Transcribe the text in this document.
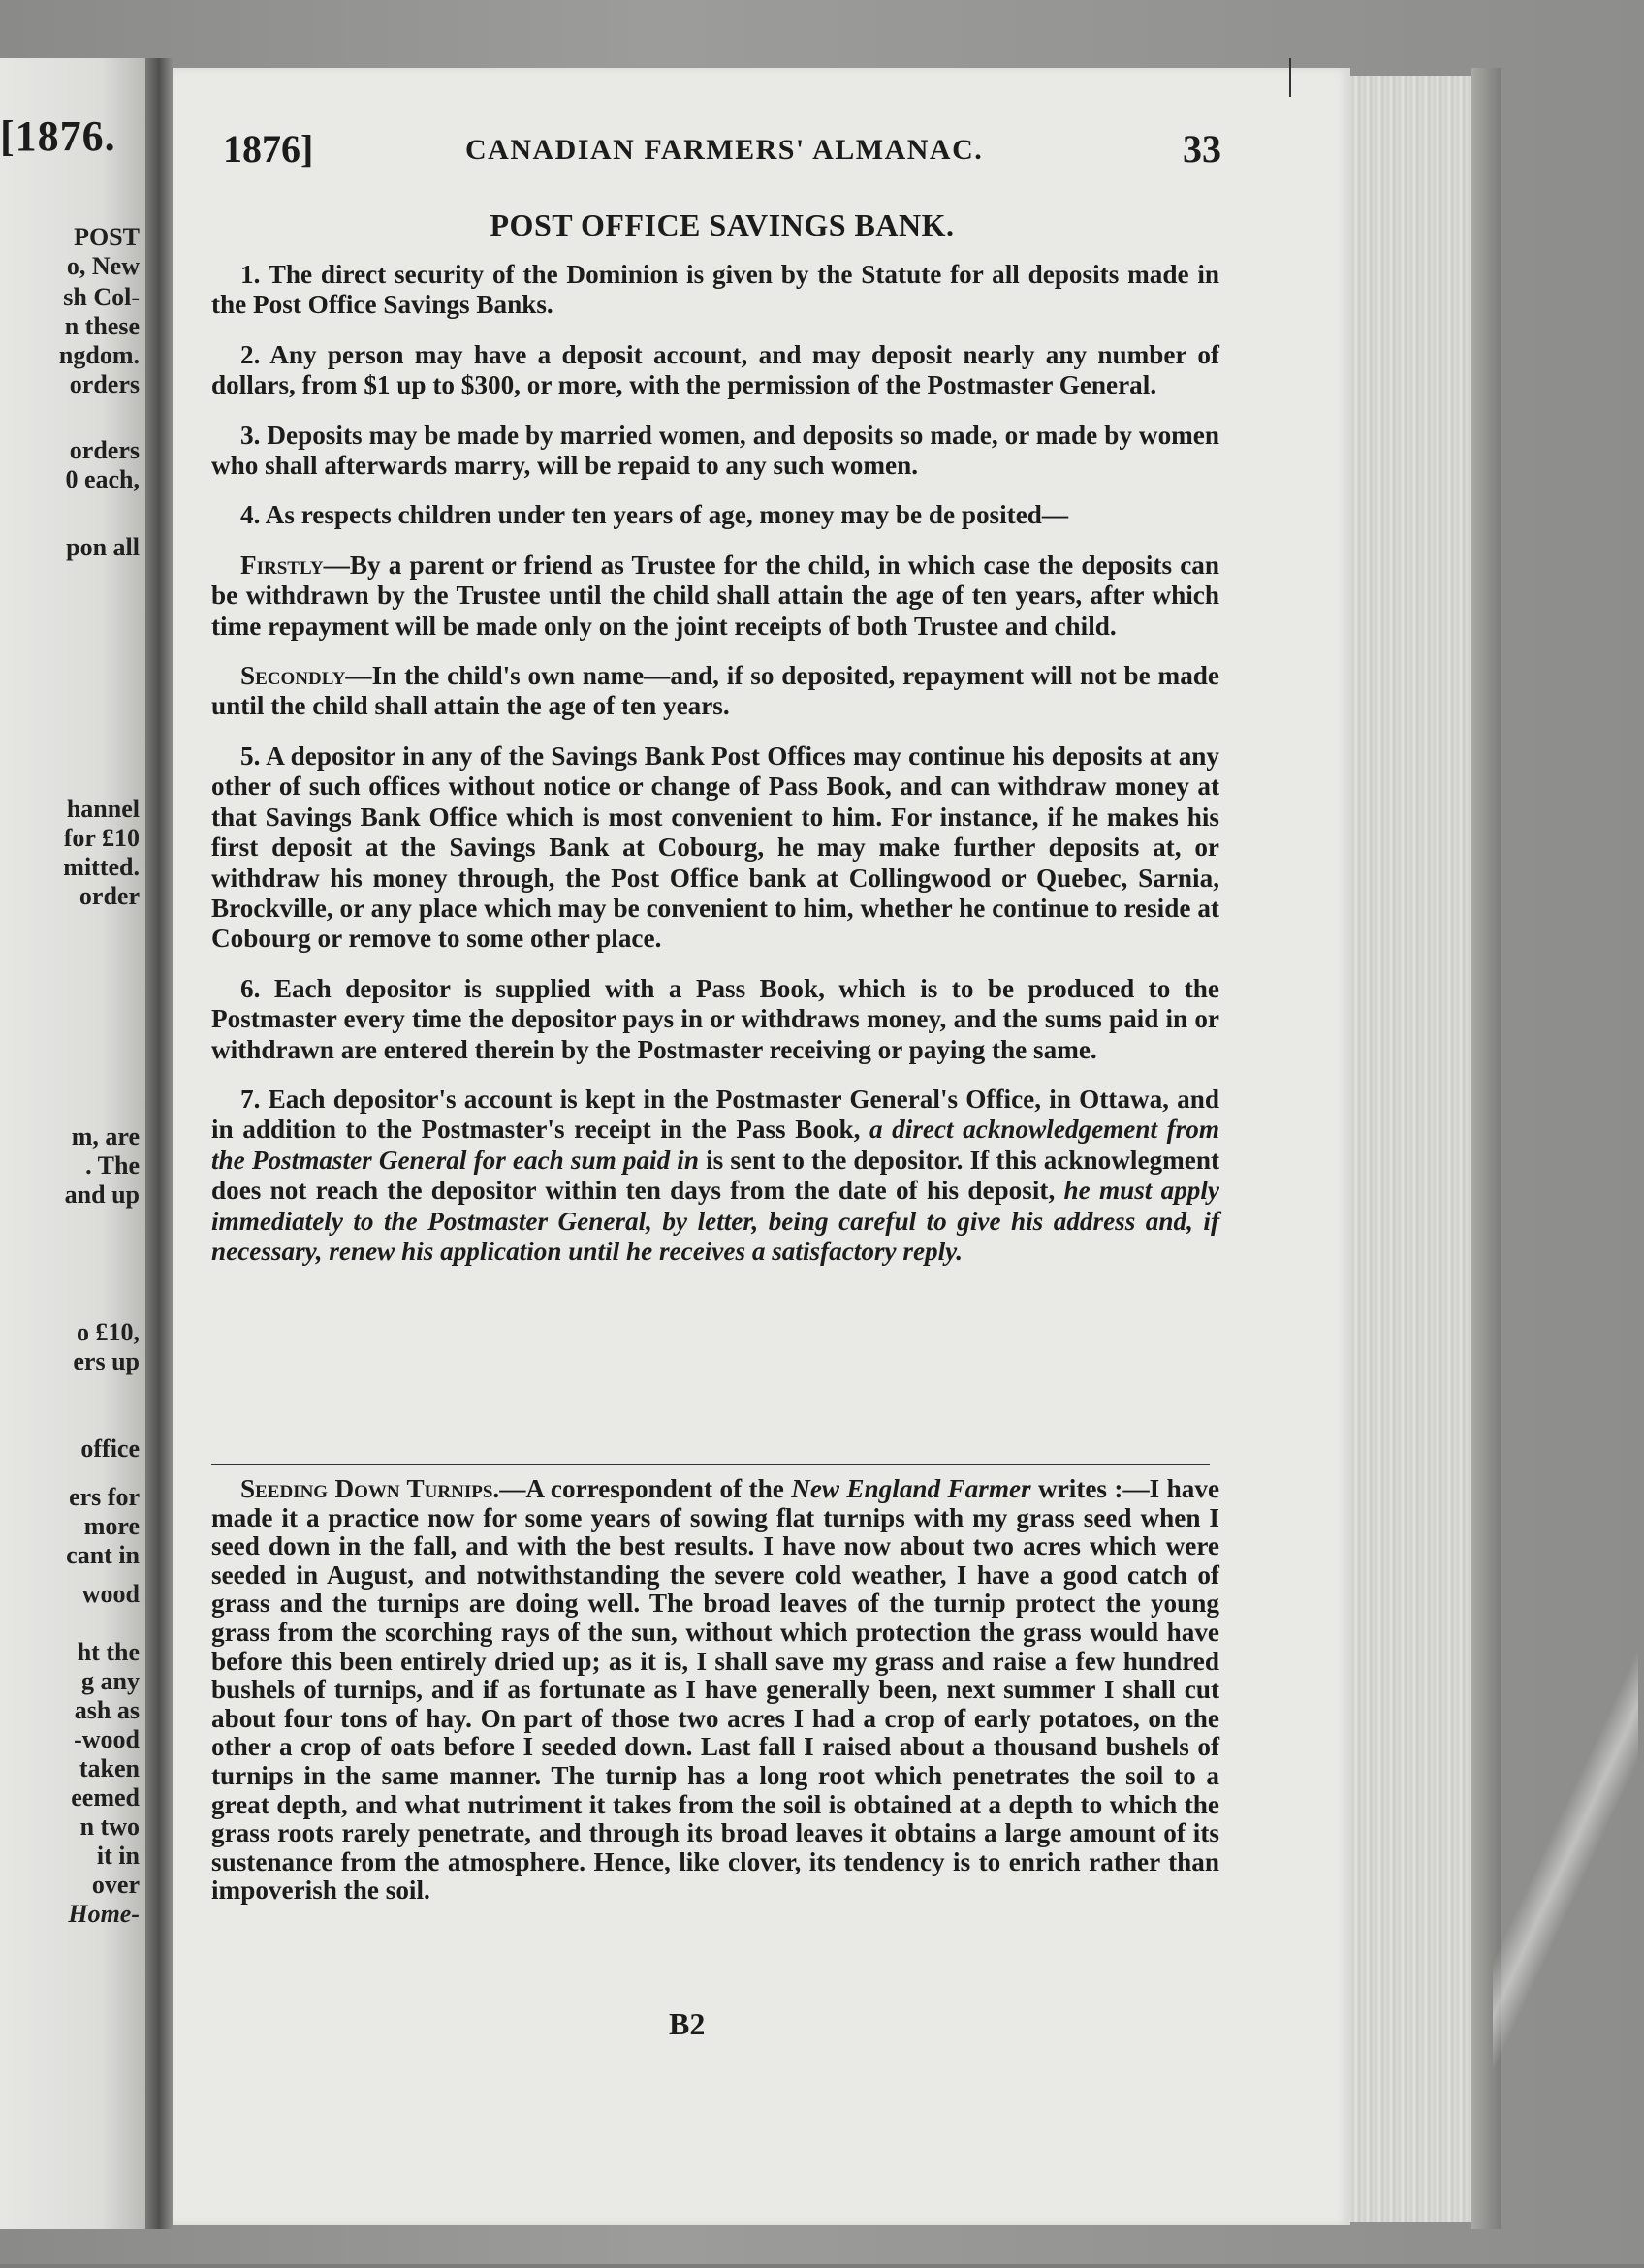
[1876.
POST
o, New
sh Col-
n these
ngdom.
orders
orders
0 each,
pon all
hannel
for £10
mitted.
order
m, are
. The
and up
o £10,
ers up
office
ers for
more
cant in
wood
ht the
g any
ash as
-wood
taken
eemed
n two
it in
over
Home-
1876]	CANADIAN FARMERS' ALMANAC.	33
POST OFFICE SAVINGS BANK.

1. The direct security of the Dominion is given by the Statute for all deposits made in the Post Office Savings Banks.

2. Any person may have a deposit account, and may deposit nearly any number of dollars, from $1 up to $300, or more, with the permission of the Postmaster General.

3. Deposits may be made by married women, and deposits so made, or made by women who shall afterwards marry, will be repaid to any such women.

4. As respects children under ten years of age, money may be de posited—

Firstly—By a parent or friend as Trustee for the child, in which case the deposits can be withdrawn by the Trustee until the child shall attain the age of ten years, after which time repayment will be made only on the joint receipts of both Trustee and child.

Secondly—In the child's own name—and, if so deposited, repayment will not be made until the child shall attain the age of ten years.

5. A depositor in any of the Savings Bank Post Offices may continue his deposits at any other of such offices without notice or change of Pass Book, and can withdraw money at that Savings Bank Office which is most convenient to him. For instance, if he makes his first deposit at the Savings Bank at Cobourg, he may make further deposits at, or withdraw his money through, the Post Office bank at Collingwood or Quebec, Sarnia, Brockville, or any place which may be convenient to him, whether he continue to reside at Cobourg or remove to some other place.

6. Each depositor is supplied with a Pass Book, which is to be produced to the Postmaster every time the depositor pays in or withdraws money, and the sums paid in or withdrawn are entered therein by the Postmaster receiving or paying the same.

7. Each depositor's account is kept in the Postmaster General's Office, in Ottawa, and in addition to the Postmaster's receipt in the Pass Book, a direct acknowledgement from the Postmaster General for each sum paid in is sent to the depositor. If this acknowlegment does not reach the depositor within ten days from the date of his deposit, he must apply immediately to the Postmaster General, by letter, being careful to give his address and, if necessary, renew his application until he receives a satisfactory reply.

Seeding Down Turnips.—A correspondent of the New England Farmer writes :—I have made it a practice now for some years of sowing flat turnips with my grass seed when I seed down in the fall, and with the best results. I have now about two acres which were seeded in August, and notwithstanding the severe cold weather, I have a good catch of grass and the turnips are doing well. The broad leaves of the turnip protect the young grass from the scorching rays of the sun, without which protection the grass would have before this been entirely dried up; as it is, I shall save my grass and raise a few hundred bushels of turnips, and if as fortunate as I have generally been, next summer I shall cut about four tons of hay. On part of those two acres I had a crop of early potatoes, on the other a crop of oats before I seeded down. Last fall I raised about a thousand bushels of turnips in the same manner. The turnip has a long root which penetrates the soil to a great depth, and what nutriment it takes from the soil is obtained at a depth to which the grass roots rarely penetrate, and through its broad leaves it obtains a large amount of its sustenance from the atmosphere. Hence, like clover, its tendency is to enrich rather than impoverish the soil.

B2
